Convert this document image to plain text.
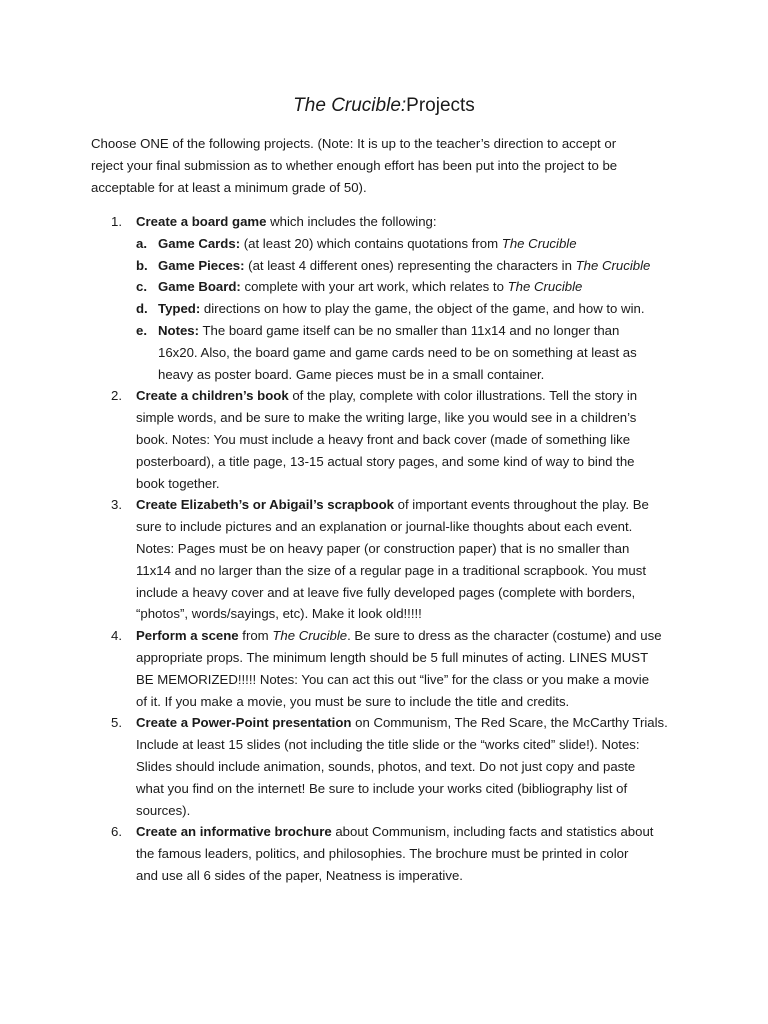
The Crucible:Projects
Choose ONE of the following projects. (Note: It is up to the teacher’s direction to accept or
reject your final submission as to whether enough effort has been put into the project to be
acceptable for at least a minimum grade of 50).
1. Create a board game which includes the following:
a. Game Cards: (at least 20) which contains quotations from The Crucible
b. Game Pieces: (at least 4 different ones) representing the characters in The Crucible
c. Game Board: complete with your art work, which relates to The Crucible
d. Typed: directions on how to play the game, the object of the game, and how to win.
e. Notes: The board game itself can be no smaller than 11x14 and no longer than
16x20. Also, the board game and game cards need to be on something at least as
heavy as poster board. Game pieces must be in a small container.
2. Create a children’s book of the play, complete with color illustrations. Tell the story in
simple words, and be sure to make the writing large, like you would see in a children’s
book. Notes: You must include a heavy front and back cover (made of something like
posterboard), a title page, 13-15 actual story pages, and some kind of way to bind the
book together.
3. Create Elizabeth’s or Abigail’s scrapbook of important events throughout the play. Be
sure to include pictures and an explanation or journal-like thoughts about each event.
Notes: Pages must be on heavy paper (or construction paper) that is no smaller than
11x14 and no larger than the size of a regular page in a traditional scrapbook. You must
include a heavy cover and at leave five fully developed pages (complete with borders,
“photos”, words/sayings, etc). Make it look old!!!!!
4. Perform a scene from The Crucible. Be sure to dress as the character (costume) and use
appropriate props. The minimum length should be 5 full minutes of acting. LINES MUST
BE MEMORIZED!!!!! Notes: You can act this out “live” for the class or you make a movie
of it. If you make a movie, you must be sure to include the title and credits.
5. Create a Power-Point presentation on Communism, The Red Scare, the McCarthy Trials.
Include at least 15 slides (not including the title slide or the “works cited” slide!). Notes:
Slides should include animation, sounds, photos, and text. Do not just copy and paste
what you find on the internet! Be sure to include your works cited (bibliography list of
sources).
6. Create an informative brochure about Communism, including facts and statistics about
the famous leaders, politics, and philosophies. The brochure must be printed in color
and use all 6 sides of the paper, Neatness is imperative.
